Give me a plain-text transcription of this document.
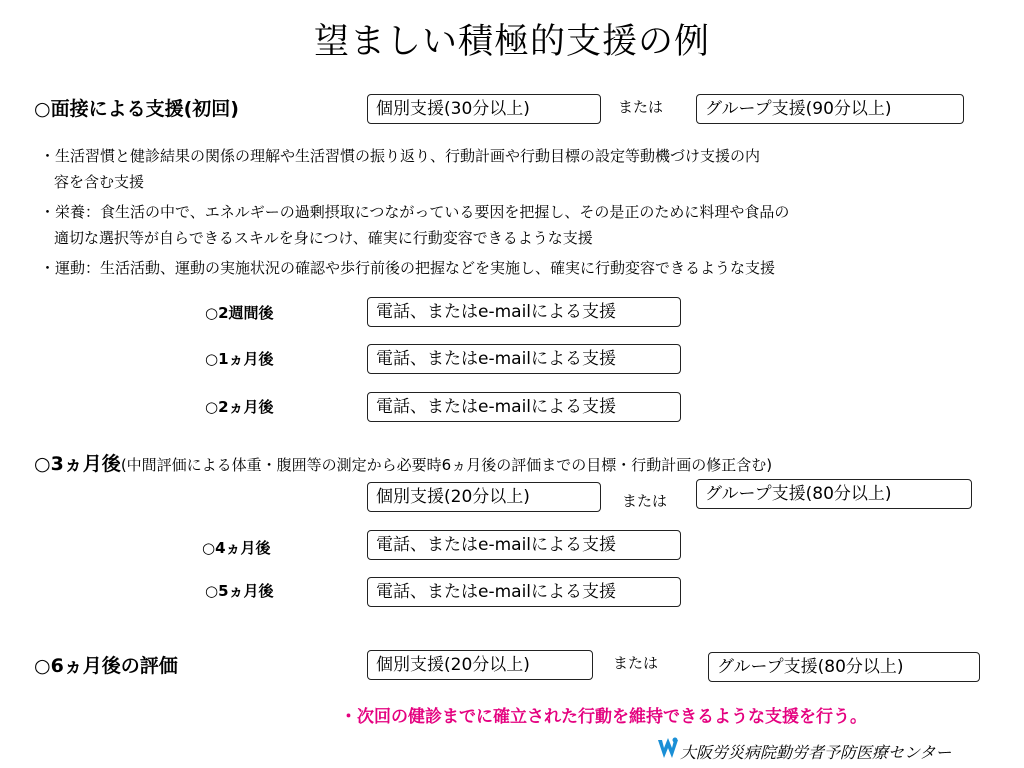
望ましい積極的支援の例
○面接による支援(初回)	個別支援(30分以上)	または	グループ支援(90分以上)
・生活習慣と健診結果の関係の理解や生活習慣の振り返り、行動計画や行動目標の設定等動機づけ支援の内
容を含む支援
・栄養：食生活の中で、エネルギーの過剰摂取につながっている要因を把握し、その是正のために料理や食品の
適切な選択等が自らできるスキルを身につけ、確実に行動変容できるような支援
・運動：生活活動、運動の実施状況の確認や歩行前後の把握などを実施し、確実に行動変容できるような支援
○2週間後	電話、またはe-mailによる支援
○1ヵ月後	電話、またはe-mailによる支援
○2ヵ月後	電話、またはe-mailによる支援
○3ヵ月後(中間評価による体重・腹囲等の測定から必要時6ヵ月後の評価までの目標・行動計画の修正含む)
個別支援(20分以上)	または	グループ支援(80分以上)
○4ヵ月後	電話、またはe-mailによる支援
○5ヵ月後	電話、またはe-mailによる支援
○6ヵ月後の評価	個別支援(20分以上)	または	グループ支援(80分以上)
・次回の健診までに確立された行動を維持できるような支援を行う。
大阪労災病院勤労者予防医療センター
